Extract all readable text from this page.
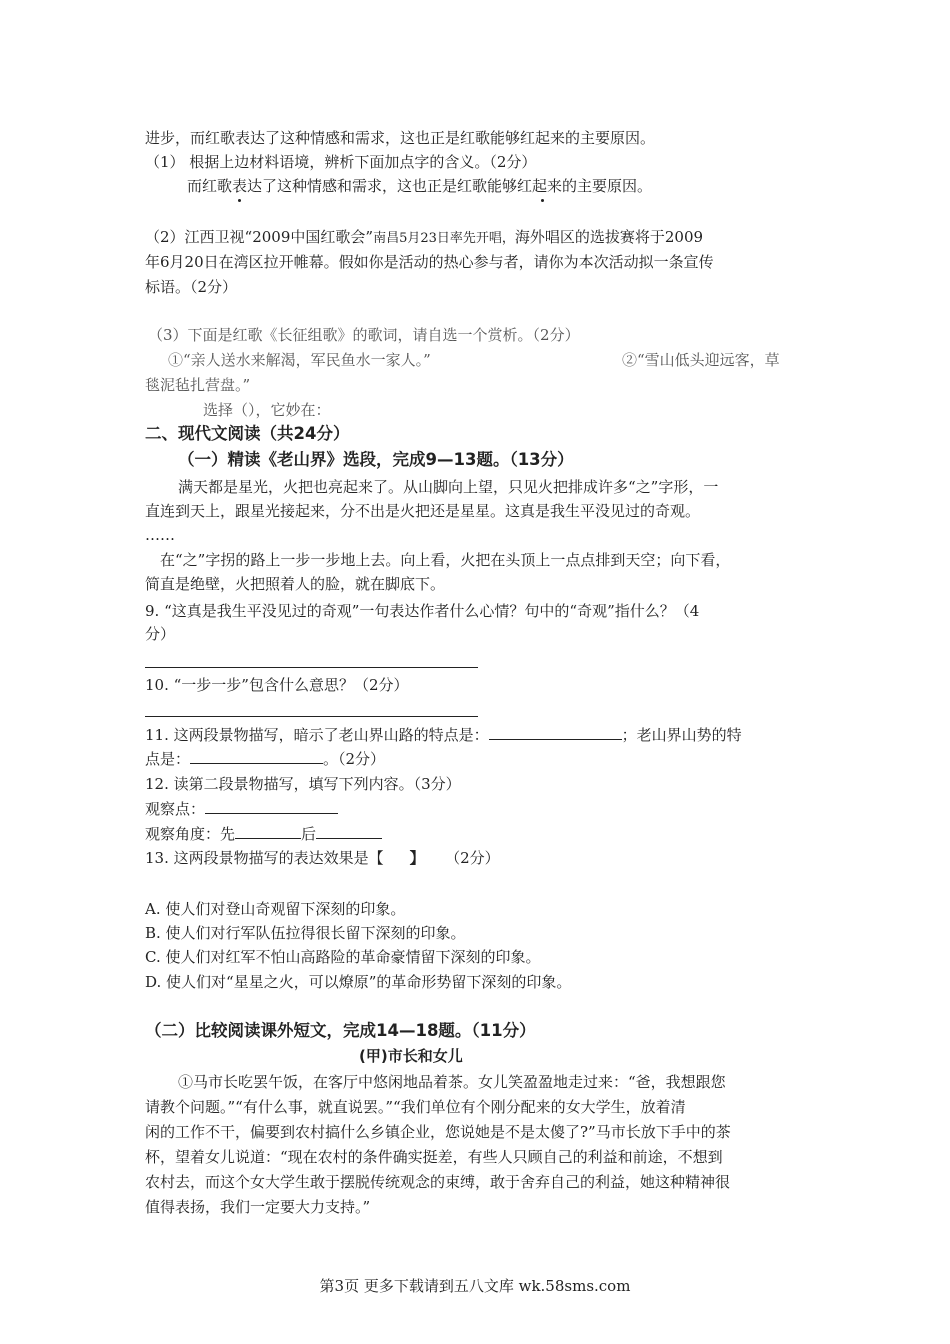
进步，而红歌表达了这种情感和需求，这也正是红歌能够红起来的主要原因。
（1） 根据上边材料语境，辨析下面加点字的含义。（2分）
而红歌表达了这种情感和需求，这也正是红歌能够红起来的主要原因。
（2）江西卫视“2009中国红歌会”南昌5月23日率先开唱，海外唱区的选拔赛将于2009
年6月20日在湾区拉开帷幕。假如你是活动的热心参与者，请你为本次活动拟一条宣传
标语。（2分）
（3）下面是红歌《长征组歌》的歌词，请自选一个赏析。（2分）
①“亲人送水来解渴，军民鱼水一家人。”	②“雪山低头迎远客，草
毯泥毡扎营盘。”
选择（），它妙在：
二、现代文阅读（共24分）
（一）精读《老山界》选段，完成9—13题。（13分）
满天都是星光，火把也亮起来了。从山脚向上望，只见火把排成许多“之”字形，一
直连到天上，跟星光接起来，分不出是火把还是星星。这真是我生平没见过的奇观。
……
在“之”字拐的路上一步一步地上去。向上看，火把在头顶上一点点排到天空；向下看，
简直是绝壁，火把照着人的脸，就在脚底下。
9. “这真是我生平没见过的奇观”一句表达作者什么心情？句中的“奇观”指什么？（4
分）
10. “一步一步”包含什么意思？（2分）
11. 这两段景物描写，暗示了老山界山路的特点是：	；老山界山势的特
点是：	。（2分）
12. 读第二段景物描写，填写下列内容。（3分）
观察点：
观察角度：先	后
13. 这两段景物描写的表达效果是【 】 （2分）
A. 使人们对登山奇观留下深刻的印象。
B. 使人们对行军队伍拉得很长留下深刻的印象。
C. 使人们对红军不怕山高路险的革命豪情留下深刻的印象。
D. 使人们对“星星之火，可以燎原”的革命形势留下深刻的印象。
（二）比较阅读课外短文，完成14—18题。（11分）
(甲)市长和女儿
①马市长吃罢午饭，在客厅中悠闲地品着茶。女儿笑盈盈地走过来：“爸，我想跟您
请教个问题。”“有什么事，就直说罢。”“我们单位有个刚分配来的女大学生，放着清
闲的工作不干，偏要到农村搞什么乡镇企业，您说她是不是太傻了?”马市长放下手中的茶
杯，望着女儿说道：“现在农村的条件确实挺差，有些人只顾自己的利益和前途，不想到
农村去，而这个女大学生敢于摆脱传统观念的束缚，敢于舍弃自己的利益，她这种精神很
值得表扬，我们一定要大力支持。”
第3页 更多下载请到五八文库 wk.58sms.com
